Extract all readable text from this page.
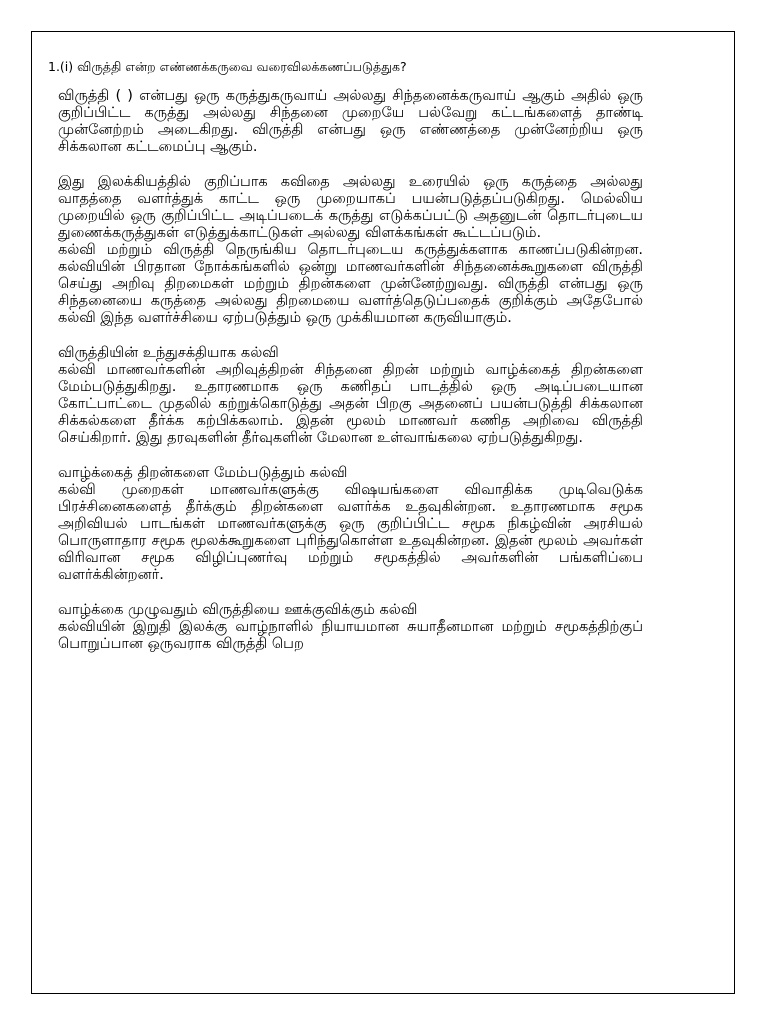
1.(i) விருத்தி என்ற எண்ணக்கருவை வரைவிலக்கணப்படுத்துக?

விருத்தி ( ) என்பது ஒரு கருத்துகருவாய் அல்லது சிந்தனைக்கருவாய் ஆகும் அதில் ஒரு குறிப்பிட்ட கருத்து அல்லது சிந்தனை முறையே பல்வேறு கட்டங்களைத் தாண்டி முன்னேற்றம் அடைகிறது. விருத்தி என்பது ஒரு எண்ணத்தை முன்னேற்றிய ஒரு சிக்கலான கட்டமைப்பு ஆகும்.

இது இலக்கியத்தில் குறிப்பாக கவிதை அல்லது உரையில் ஒரு கருத்தை அல்லது வாதத்தை வளர்த்துக் காட்ட ஒரு முறையாகப் பயன்படுத்தப்படுகிறது. மெல்லிய முறையில் ஒரு குறிப்பிட்ட அடிப்படைக் கருத்து எடுக்கப்பட்டு அதனுடன் தொடர்புடைய துணைக்கருத்துகள் எடுத்துக்காட்டுகள் அல்லது விளக்கங்கள் கூட்டப்படும்.

கல்வி மற்றும் விருத்தி நெருங்கிய தொடர்புடைய கருத்துக்களாக காணப்படுகின்றன. கல்வியின் பிரதான நோக்கங்களில் ஒன்று மாணவர்களின் சிந்தனைக்கூறுகளை விருத்தி செய்து அறிவு திறமைகள் மற்றும் திறன்களை முன்னேற்றுவது. விருத்தி என்பது ஒரு சிந்தனையை கருத்தை அல்லது திறமையை வளர்த்தெடுப்பதைக் குறிக்கும் அதேபோல் கல்வி இந்த வளர்ச்சியை ஏற்படுத்தும் ஒரு முக்கியமான கருவியாகும்.

விருத்தியின் உந்துசக்தியாக கல்வி

கல்வி மாணவர்களின் அறிவுத்திறன் சிந்தனை திறன் மற்றும் வாழ்க்கைத் திறன்களை மேம்படுத்துகிறது. உதாரணமாக ஒரு கணிதப் பாடத்தில் ஒரு அடிப்படையான கோட்பாட்டை முதலில் கற்றுக்கொடுத்து அதன் பிறகு அதனைப் பயன்படுத்தி சிக்கலான சிக்கல்களை தீர்க்க கற்பிக்கலாம். இதன் மூலம் மாணவர் கணித அறிவை விருத்தி செய்கிறார். இது தரவுகளின் தீர்வுகளின் மேலான உள்வாங்கலை ஏற்படுத்துகிறது.

வாழ்க்கைத் திறன்களை மேம்படுத்தும் கல்வி

கல்வி முறைகள் மாணவர்களுக்கு விஷயங்களை விவாதிக்க முடிவெடுக்க பிரச்சினைகளைத் தீர்க்கும் திறன்களை வளர்க்க உதவுகின்றன. உதாரணமாக சமூக அறிவியல் பாடங்கள் மாணவர்களுக்கு ஒரு குறிப்பிட்ட சமூக நிகழ்வின் அரசியல் பொருளாதார சமூக மூலக்கூறுகளை புரிந்துகொள்ள உதவுகின்றன. இதன் மூலம் அவர்கள் விரிவான சமூக விழிப்புணர்வு மற்றும் சமூகத்தில் அவர்களின் பங்களிப்பை வளர்க்கின்றனர்.

வாழ்க்கை முழுவதும் விருத்தியை ஊக்குவிக்கும் கல்வி

கல்வியின் இறுதி இலக்கு வாழ்நாளில் நியாயமான சுயாதீனமான மற்றும் சமூகத்திற்குப் பொறுப்பான ஒருவராக விருத்தி பெற
